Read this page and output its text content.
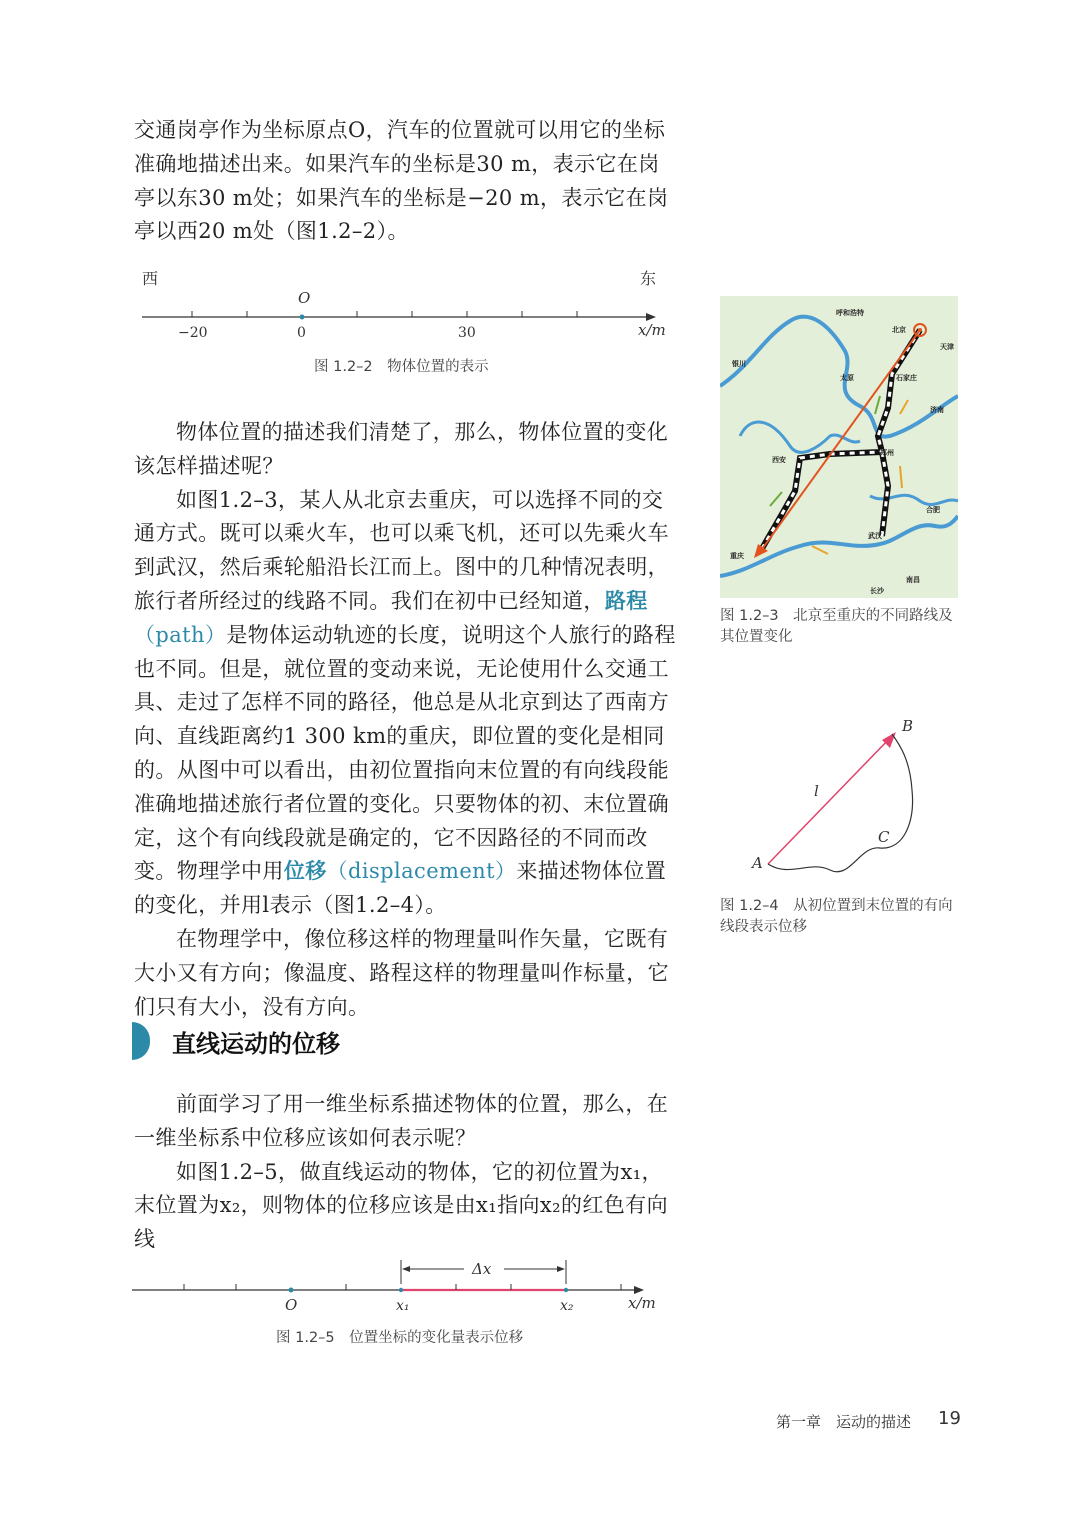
交通岗亭作为坐标原点O，汽车的位置就可以用它的坐标准确地描述出来。如果汽车的坐标是30 m，表示它在岗亭以东30 m处；如果汽车的坐标是−20 m，表示它在岗亭以西20 m处（图1.2–2）。

西	东
O
−20	0	30	x/m
图 1.2–2　物体位置的表示

物体位置的描述我们清楚了，那么，物体位置的变化该怎样描述呢？

如图1.2–3，某人从北京去重庆，可以选择不同的交通方式。既可以乘火车，也可以乘飞机，还可以先乘火车到武汉，然后乘轮船沿长江而上。图中的几种情况表明，旅行者所经过的线路不同。我们在初中已经知道，路程（path）是物体运动轨迹的长度，说明这个人旅行的路程也不同。但是，就位置的变动来说，无论使用什么交通工具、走过了怎样不同的路径，他总是从北京到达了西南方向、直线距离约1 300 km的重庆，即位置的变化是相同的。从图中可以看出，由初位置指向末位置的有向线段能准确地描述旅行者位置的变化。只要物体的初、末位置确定，这个有向线段就是确定的，它不因路径的不同而改变。物理学中用位移（displacement）来描述物体位置的变化，并用l表示（图1.2–4）。

在物理学中，像位移这样的物理量叫作矢量，它既有大小又有方向；像温度、路程这样的物理量叫作标量，它们只有大小，没有方向。

呼和浩特
北京
天津
银川
太原	石家庄
济南
西安
郑州
合肥
武汉
重庆
南昌
长沙
图 1.2–3　北京至重庆的不同路线及其位置变化
A
B
C
l
图 1.2–4　从初位置到末位置的有向线段表示位移
直线运动的位移

前面学习了用一维坐标系描述物体的位置，那么，在一维坐标系中位移应该如何表示呢？

如图1.2–5，做直线运动的物体，它的初位置为x₁，末位置为x₂，则物体的位移应该是由x₁指向x₂的红色有向线

Δx
O	x₁	x₂	x/m
图 1.2–5　位置坐标的变化量表示位移
第一章　运动的描述 19
